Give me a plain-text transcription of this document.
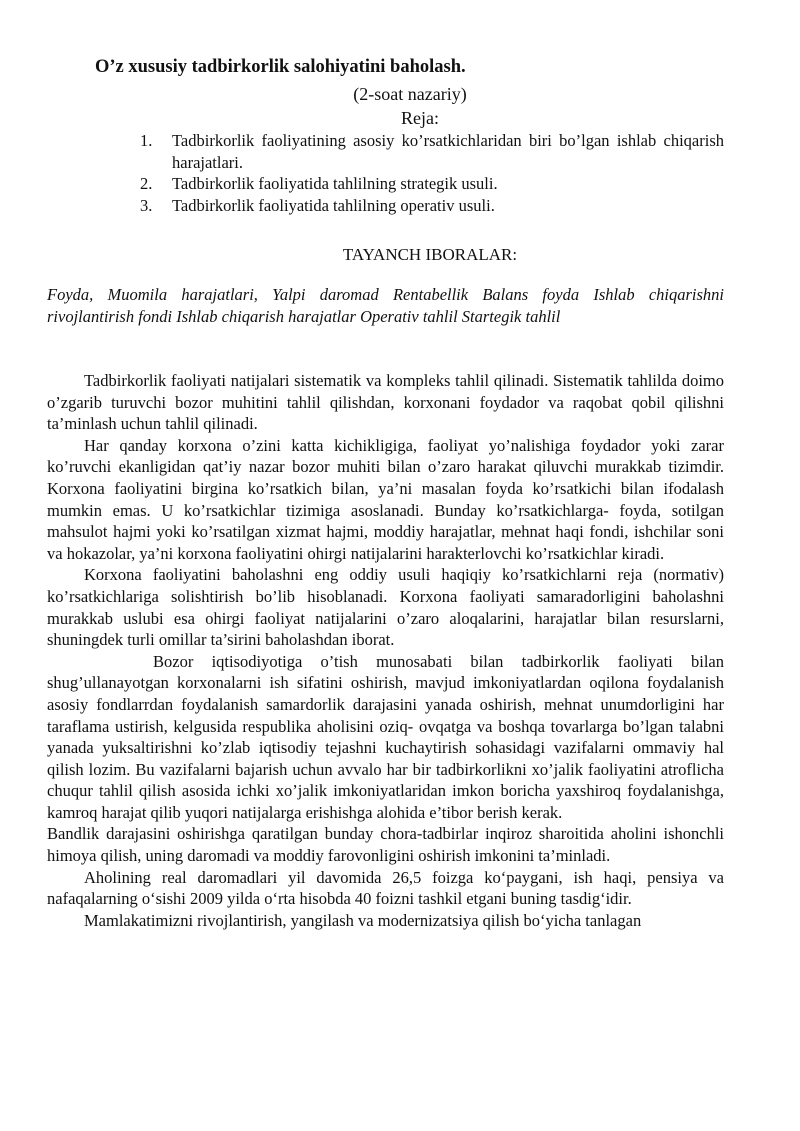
O’z xususiy tadbirkorlik salohiyatini baholash.

(2-soat nazariy)

Reja:

1. Tadbirkorlik faoliyatining asosiy ko’rsatkichlaridan biri bo’lgan ishlab chiqarish harajatlari.
2. Tadbirkorlik faoliyatida tahlilning strategik usuli.
3. Tadbirkorlik faoliyatida tahlilning operativ usuli.

TAYANCH IBORALAR:

Foyda, Muomila harajatlari, Yalpi daromad Rentabellik Balans foyda Ishlab chiqarishni rivojlantirish fondi Ishlab chiqarish harajatlar Operativ tahlil Startegik tahlil

Tadbirkorlik faoliyati natijalari sistematik va kompleks tahlil qilinadi. Sistematik tahlilda doimo o’zgarib turuvchi bozor muhitini tahlil qilishdan, korxonani foydador va raqobat qobil qilishni ta’minlash uchun tahlil qilinadi.

Har qanday korxona o’zini katta kichikligiga, faoliyat yo’nalishiga foydador yoki zarar ko’ruvchi ekanligidan qat’iy nazar bozor muhiti bilan o’zaro harakat qiluvchi murakkab tizimdir. Korxona faoliyatini birgina ko’rsatkich bilan, ya’ni masalan foyda ko’rsatkichi bilan ifodalash mumkin emas. U ko’rsatkichlar tizimiga asoslanadi. Bunday ko’rsatkichlarga- foyda, sotilgan mahsulot hajmi yoki ko’rsatilgan xizmat hajmi, moddiy harajatlar, mehnat haqi fondi, ishchilar soni va hokazolar, ya’ni korxona faoliyatini ohirgi natijalarini harakterlovchi ko’rsatkichlar kiradi.

Korxona faoliyatini baholashni eng oddiy usuli haqiqiy ko’rsatkichlarni reja (normativ) ko’rsatkichlariga solishtirish bo’lib hisoblanadi. Korxona faoliyati samaradorligini baholashni murakkab uslubi esa ohirgi faoliyat natijalarini o’zaro aloqalarini, harajatlar bilan resurslarni, shuningdek turli omillar ta’sirini baholashdan iborat.

Bozor iqtisodiyotiga o’tish munosabati bilan tadbirkorlik faoliyati bilan shug’ullanayotgan korxonalarni ish sifatini oshirish, mavjud imkoniyatlardan oqilona foydalanish asosiy fondlarrdan foydalanish samardorlik darajasini yanada oshirish, mehnat unumdorligini har taraflama ustirish, kelgusida respublika aholisini oziq- ovqatga va boshqa tovarlarga bo’lgan talabni yanada yuksaltirishni ko’zlab iqtisodiy tejashni kuchaytirish sohasidagi vazifalarni ommaviy hal qilish lozim. Bu vazifalarni bajarish uchun avvalo har bir tadbirkorlikni xo’jalik faoliyatini atroflicha chuqur tahlil qilish asosida ichki xo’jalik imkoniyatlaridan imkon boricha yaxshiroq foydalanishga, kamroq harajat qilib yuqori natijalarga erishishga alohida e’tibor berish kerak.

Bandlik darajasini oshirishga qaratilgan bunday chora-tadbirlar inqiroz sharoitida aholini ishonchli himoya qilish, uning daromadi va moddiy farovonligini oshirish imkonini ta’minladi.

Aholining real daromadlari yil davomida 26,5 foizga ko‘paygani, ish haqi, pensiya va nafaqalarning o‘sishi 2009 yilda o‘rta hisobda 40 foizni tashkil etgani buning tasdig‘idir.

Mamlakatimizni rivojlantirish, yangilash va modernizatsiya qilish bo‘yicha tanlagan
